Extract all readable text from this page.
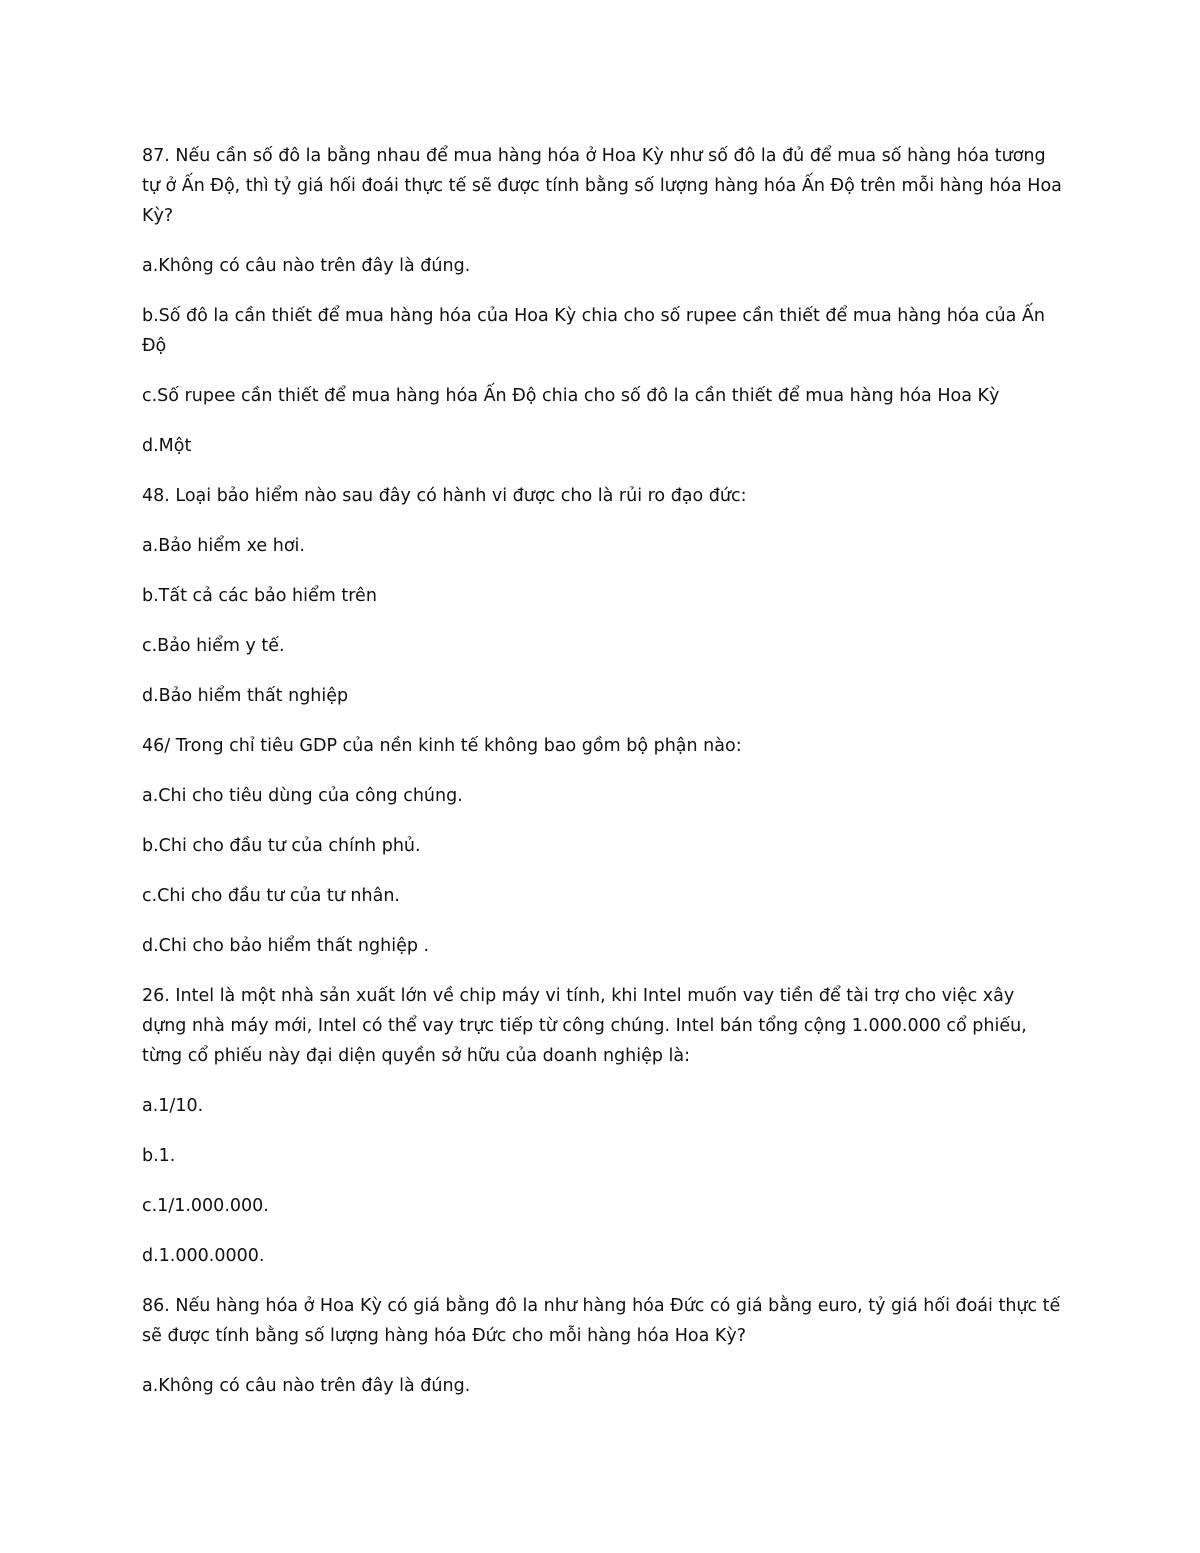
87. Nếu cần số đô la bằng nhau để mua hàng hóa ở Hoa Kỳ như số đô la đủ để mua số hàng hóa tương tự ở Ấn Độ, thì tỷ giá hối đoái thực tế sẽ được tính bằng số lượng hàng hóa Ấn Độ trên mỗi hàng hóa Hoa Kỳ?

a.Không có câu nào trên đây là đúng.

b.Số đô la cần thiết để mua hàng hóa của Hoa Kỳ chia cho số rupee cần thiết để mua hàng hóa của Ấn Độ

c.Số rupee cần thiết để mua hàng hóa Ấn Độ chia cho số đô la cần thiết để mua hàng hóa Hoa Kỳ

d.Một

48. Loại bảo hiểm nào sau đây có hành vi được cho là rủi ro đạo đức:

a.Bảo hiểm xe hơi.

b.Tất cả các bảo hiểm trên

c.Bảo hiểm y tế.

d.Bảo hiểm thất nghiệp

46/ Trong chỉ tiêu GDP của nền kinh tế không bao gồm bộ phận nào:

a.Chi cho tiêu dùng của công chúng.

b.Chi cho đầu tư của chính phủ.

c.Chi cho đầu tư của tư nhân.

d.Chi cho bảo hiểm thất nghiệp .

26. Intel là một nhà sản xuất lớn về chip máy vi tính, khi Intel muốn vay tiền để tài trợ cho việc xây dựng nhà máy mới, Intel có thể vay trực tiếp từ công chúng. Intel bán tổng cộng 1.000.000 cổ phiếu, từng cổ phiếu này đại diện quyền sở hữu của doanh nghiệp là:

a.1/10.

b.1.

c.1/1.000.000.

d.1.000.0000.

86. Nếu hàng hóa ở Hoa Kỳ có giá bằng đô la như hàng hóa Đức có giá bằng euro, tỷ giá hối đoái thực tế sẽ được tính bằng số lượng hàng hóa Đức cho mỗi hàng hóa Hoa Kỳ?

a.Không có câu nào trên đây là đúng.
